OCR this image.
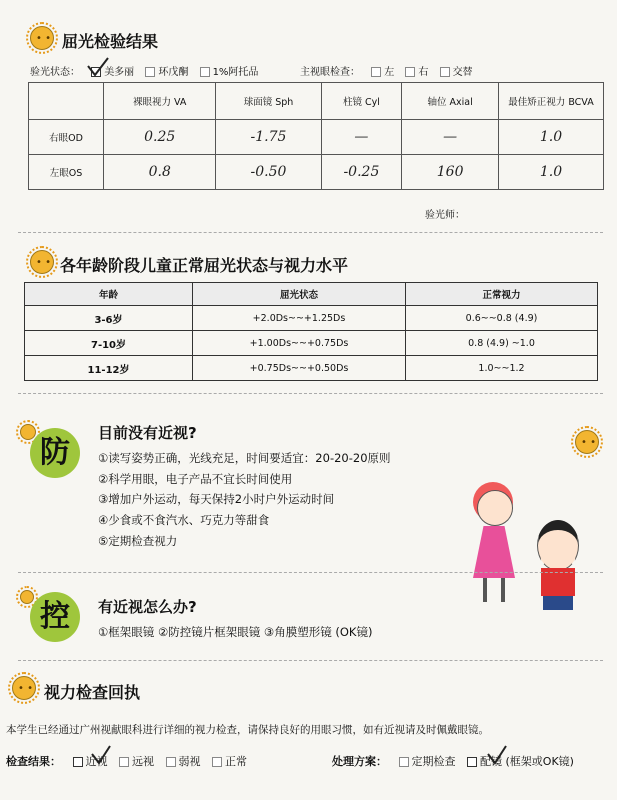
• • 屈光检验结果
验光状态： 美多丽 环戊酮 1%阿托品	主视眼检查： 左 右 交替
	裸眼视力 VA	球面镜 Sph	柱镜 Cyl	轴位 Axial	最佳矫正视力 BCVA
右眼OD	0.25	-1.75	—	—	1.0
左眼OS	0.8	-0.50	-0.25	160	1.0
验光师：
• • 各年龄阶段儿童正常屈光状态与视力水平
年龄	屈光状态	正常视力
3-6岁	+2.0Ds~~+1.25Ds	0.6~~0.8 (4.9)
7-10岁	+1.00Ds~~+0.75Ds	0.8 (4.9) ~1.0
11-12岁	+0.75Ds~~+0.50Ds	1.0~~1.2
防
目前没有近视?
①读写姿势正确，光线充足，时间要适宜：20-20-20原则
②科学用眼，电子产品不宜长时间使用
③增加户外运动，每天保持2小时户外运动时间
④少食或不食汽水、巧克力等甜食
⑤定期检查视力
• •
控	有近视怎么办?
①框架眼镜 ②防控镜片框架眼镜 ③角膜塑形镜 (OK镜)
• • 视力检查回执
本学生已经通过广州视献眼科进行详细的视力检查，请保持良好的用眼习惯，如有近视请及时佩戴眼镜。
检查结果： 近视 远视 弱视 正常	处理方案： 定期检查 配镜 (框架或OK镜)
